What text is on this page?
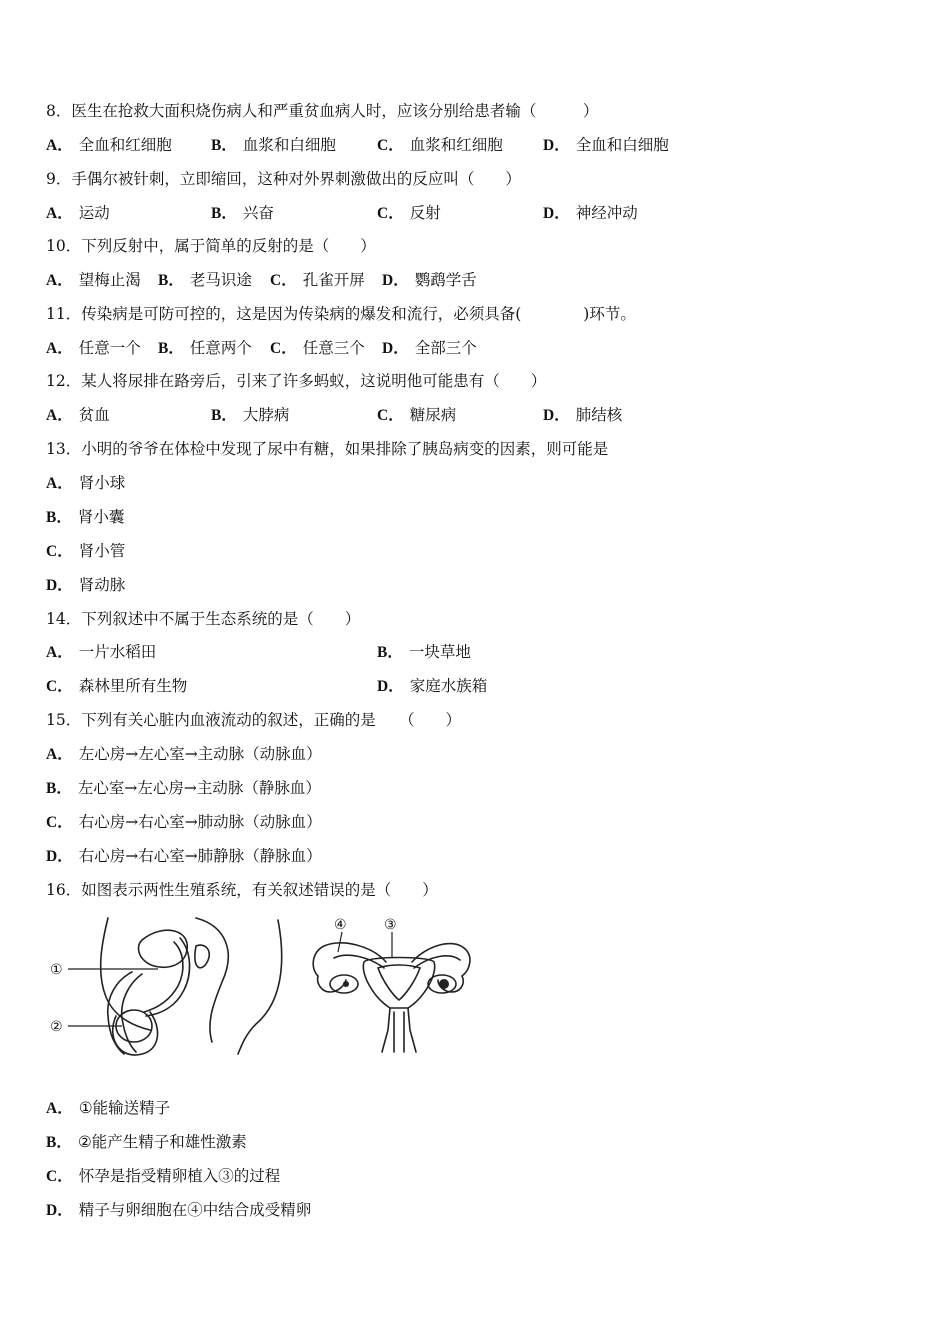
8．医生在抢救大面积烧伤病人和严重贫血病人时，应该分别给患者输（　　　）
A． 全血和红细胞	B． 血浆和白细胞	C． 血浆和红细胞	D． 全血和白细胞
9．手偶尔被针刺，立即缩回，这种对外界刺激做出的反应叫（　　）
A． 运动	B． 兴奋	C． 反射	D． 神经冲动
10．下列反射中，属于简单的反射的是（　　）
A． 望梅止渴 B． 老马识途 C． 孔雀开屏 D． 鹦鹉学舌
11．传染病是可防可控的，这是因为传染病的爆发和流行，必须具备(　　　　)环节。
A． 任意一个 B． 任意两个 C． 任意三个 D． 全部三个
12．某人将尿排在路旁后，引来了许多蚂蚁，这说明他可能患有（　　）
A． 贫血	B． 大脖病	C． 糖尿病	D． 肺结核
13．小明的爷爷在体检中发现了尿中有糖，如果排除了胰岛病变的因素，则可能是
A． 肾小球
B． 肾小囊
C． 肾小管
D． 肾动脉
14．下列叙述中不属于生态系统的是（　　）
A． 一片水稻田	B． 一块草地
C． 森林里所有生物	D． 家庭水族箱
15．下列有关心脏内血液流动的叙述，正确的是　　（　　）
A． 左心房→左心室→主动脉（动脉血）
B． 左心室→左心房→主动脉（静脉血）
C． 右心房→右心室→肺动脉（动脉血）
D． 右心房→右心室→肺静脉（静脉血）
16．如图表示两性生殖系统，有关叙述错误的是（　　）
①
②
④	③
A． ①能输送精子
B． ②能产生精子和雄性激素
C． 怀孕是指受精卵植入③的过程
D． 精子与卵细胞在④中结合成受精卵
